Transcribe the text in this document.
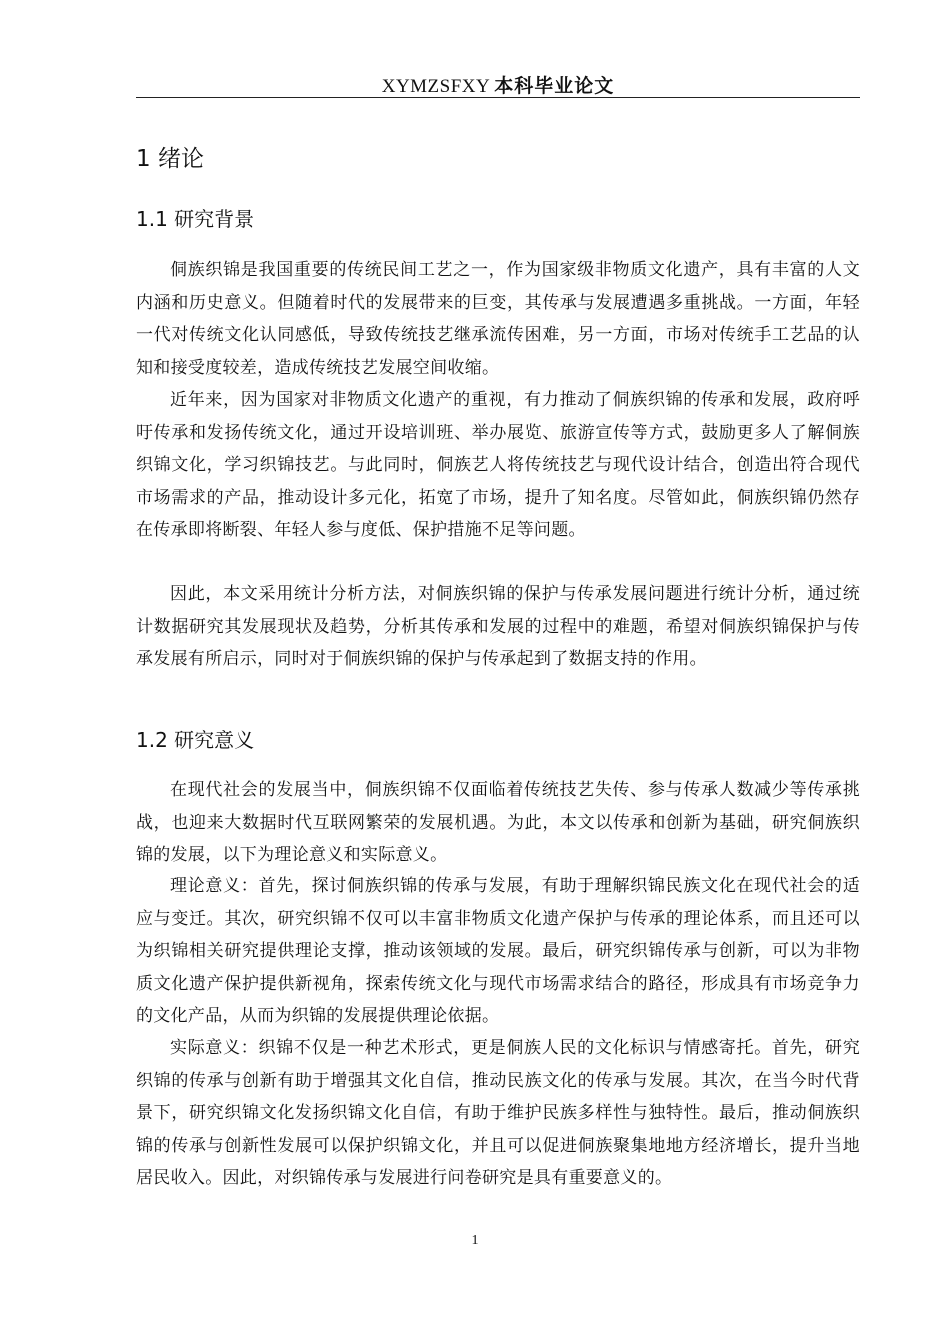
XYMZSFXY 本科毕业论文
1 绪论
1.1 研究背景

侗族织锦是我国重要的传统民间工艺之一，作为国家级非物质文化遗产，具有丰富的人文内涵和历史意义。但随着时代的发展带来的巨变，其传承与发展遭遇多重挑战。一方面，年轻一代对传统文化认同感低，导致传统技艺继承流传困难，另一方面，市场对传统手工艺品的认知和接受度较差，造成传统技艺发展空间收缩。

近年来，因为国家对非物质文化遗产的重视，有力推动了侗族织锦的传承和发展，政府呼吁传承和发扬传统文化，通过开设培训班、举办展览、旅游宣传等方式，鼓励更多人了解侗族织锦文化，学习织锦技艺。与此同时，侗族艺人将传统技艺与现代设计结合，创造出符合现代市场需求的产品，推动设计多元化，拓宽了市场，提升了知名度。尽管如此，侗族织锦仍然存在传承即将断裂、年轻人参与度低、保护措施不足等问题。

因此，本文采用统计分析方法，对侗族织锦的保护与传承发展问题进行统计分析，通过统计数据研究其发展现状及趋势，分析其传承和发展的过程中的难题，希望对侗族织锦保护与传承发展有所启示，同时对于侗族织锦的保护与传承起到了数据支持的作用。

1.2 研究意义

在现代社会的发展当中，侗族织锦不仅面临着传统技艺失传、参与传承人数减少等传承挑战，也迎来大数据时代互联网繁荣的发展机遇。为此，本文以传承和创新为基础，研究侗族织锦的发展，以下为理论意义和实际意义。

理论意义：首先，探讨侗族织锦的传承与发展，有助于理解织锦民族文化在现代社会的适应与变迁。其次，研究织锦不仅可以丰富非物质文化遗产保护与传承的理论体系，而且还可以为织锦相关研究提供理论支撑，推动该领域的发展。最后，研究织锦传承与创新，可以为非物质文化遗产保护提供新视角，探索传统文化与现代市场需求结合的路径，形成具有市场竞争力的文化产品，从而为织锦的发展提供理论依据。

实际意义：织锦不仅是一种艺术形式，更是侗族人民的文化标识与情感寄托。首先，研究织锦的传承与创新有助于增强其文化自信，推动民族文化的传承与发展。其次，在当今时代背景下，研究织锦文化发扬织锦文化自信，有助于维护民族多样性与独特性。最后，推动侗族织锦的传承与创新性发展可以保护织锦文化，并且可以促进侗族聚集地地方经济增长，提升当地居民收入。因此，对织锦传承与发展进行问卷研究是具有重要意义的。

1
